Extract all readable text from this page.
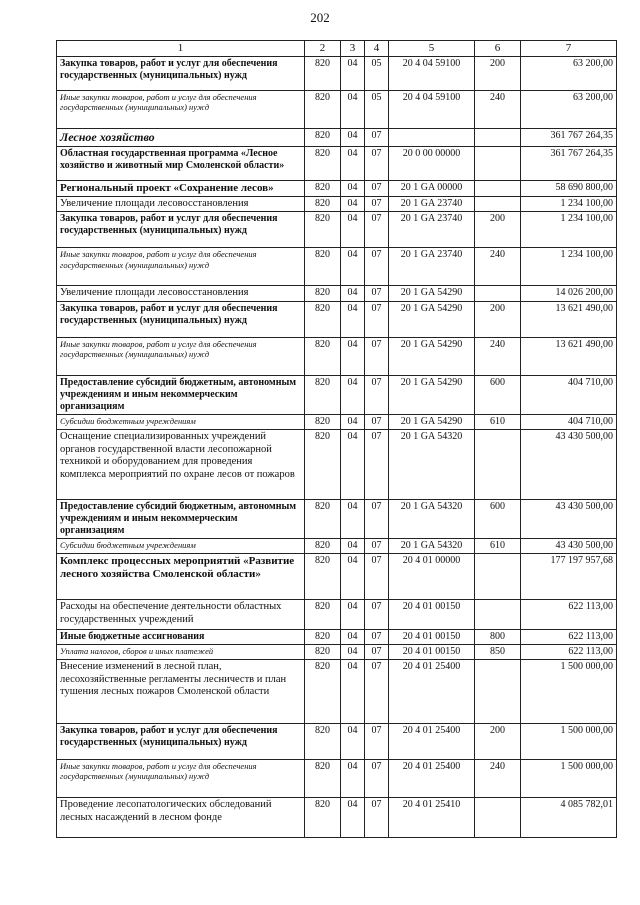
202
1	2	3	4	5	6	7
Закупка товаров, работ и услуг для обеспечения государственных (муниципальных) нужд	820	04	05	20 4 04 59100	200	63 200,00
Иные закупки товаров, работ и услуг для обеспечения государственных (муниципальных) нужд	820	04	05	20 4 04 59100	240	63 200,00
Лесное хозяйство	820	04	07			361 767 264,35
Областная государственная программа «Лесное хозяйство и животный мир Смоленской области»	820	04	07	20 0 00 00000		361 767 264,35
Региональный проект «Сохранение лесов»	820	04	07	20 1 GA 00000		58 690 800,00
Увеличение площади лесовосстановления	820	04	07	20 1 GA 23740		1 234 100,00
Закупка товаров, работ и услуг для обеспечения государственных (муниципальных) нужд	820	04	07	20 1 GA 23740	200	1 234 100,00
Иные закупки товаров, работ и услуг для обеспечения государственных (муниципальных) нужд	820	04	07	20 1 GA 23740	240	1 234 100,00
Увеличение площади лесовосстановления	820	04	07	20 1 GA 54290		14 026 200,00
Закупка товаров, работ и услуг для обеспечения государственных (муниципальных) нужд	820	04	07	20 1 GA 54290	200	13 621 490,00
Иные закупки товаров, работ и услуг для обеспечения государственных (муниципальных) нужд	820	04	07	20 1 GA 54290	240	13 621 490,00
Предоставление субсидий бюджетным, автономным учреждениям и иным некоммерческим организациям	820	04	07	20 1 GA 54290	600	404 710,00
Субсидии бюджетным учреждениям	820	04	07	20 1 GA 54290	610	404 710,00
Оснащение специализированных учреждений органов государственной власти лесопожарной техникой и оборудованием для проведения комплекса мероприятий по охране лесов от пожаров	820	04	07	20 1 GA 54320		43 430 500,00
Предоставление субсидий бюджетным, автономным учреждениям и иным некоммерческим организациям	820	04	07	20 1 GA 54320	600	43 430 500,00
Субсидии бюджетным учреждениям	820	04	07	20 1 GA 54320	610	43 430 500,00
Комплекс процессных мероприятий «Развитие лесного хозяйства Смоленской области»	820	04	07	20 4 01 00000		177 197 957,68
Расходы на обеспечение деятельности областных государственных учреждений	820	04	07	20 4 01 00150		622 113,00
Иные бюджетные ассигнования	820	04	07	20 4 01 00150	800	622 113,00
Уплата налогов, сборов и иных платежей	820	04	07	20 4 01 00150	850	622 113,00
Внесение изменений в лесной план, лесохозяйственные регламенты лесничеств и план тушения лесных пожаров Смоленской области	820	04	07	20 4 01 25400		1 500 000,00
Закупка товаров, работ и услуг для обеспечения государственных (муниципальных) нужд	820	04	07	20 4 01 25400	200	1 500 000,00
Иные закупки товаров, работ и услуг для обеспечения государственных (муниципальных) нужд	820	04	07	20 4 01 25400	240	1 500 000,00
Проведение лесопатологических обследований лесных насаждений в лесном фонде	820	04	07	20 4 01 25410		4 085 782,01
